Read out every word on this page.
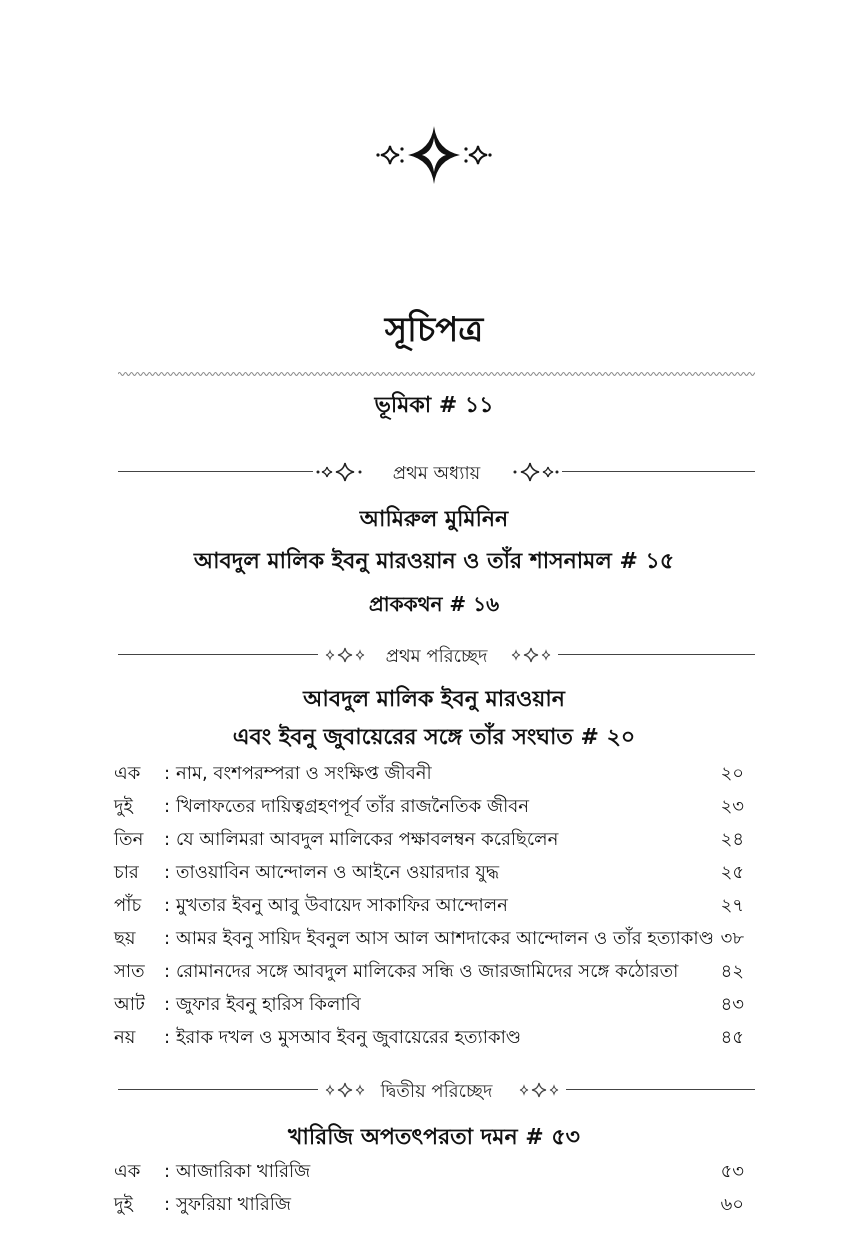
সূচিপত্র
ভূমিকা # ১১
প্রথম অধ্যায়
আমিরুল মুমিনিন
আবদুল মালিক ইবনু মারওয়ান ও তাঁর শাসনামল # ১৫
প্রাককথন # ১৬
প্রথম পরিচ্ছেদ
আবদুল মালিক ইবনু মারওয়ান
এবং ইবনু জুবায়েরের সঙ্গে তাঁর সংঘাত # ২০
এক	: নাম, বংশপরম্পরা ও সংক্ষিপ্ত জীবনী	২০
দুই	: খিলাফতের দায়িত্বগ্রহণপূর্ব তাঁর রাজনৈতিক জীবন	২৩
তিন	: যে আলিমরা আবদুল মালিকের পক্ষাবলম্বন করেছিলেন	২৪
চার	: তাওয়াবিন আন্দোলন ও আইনে ওয়ারদার যুদ্ধ	২৫
পাঁচ	: মুখতার ইবনু আবু উবায়েদ সাকাফির আন্দোলন	২৭
ছয়	: আমর ইবনু সায়িদ ইবনুল আস আল আশদাকের আন্দোলন ও তাঁর হত্যাকাণ্ড ৩৮
সাত	: রোমানদের সঙ্গে আবদুল মালিকের সন্ধি ও জারজামিদের সঙ্গে কঠোরতা ৪২
আট	: জুফার ইবনু হারিস কিলাবি	৪৩
নয়	: ইরাক দখল ও মুসআব ইবনু জুবায়েরের হত্যাকাণ্ড	৪৫
দ্বিতীয় পরিচ্ছেদ
খারিজি অপতৎপরতা দমন # ৫৩
এক	: আজারিকা খারিজি	৫৩
দুই	: সুফরিয়া খারিজি	৬০
